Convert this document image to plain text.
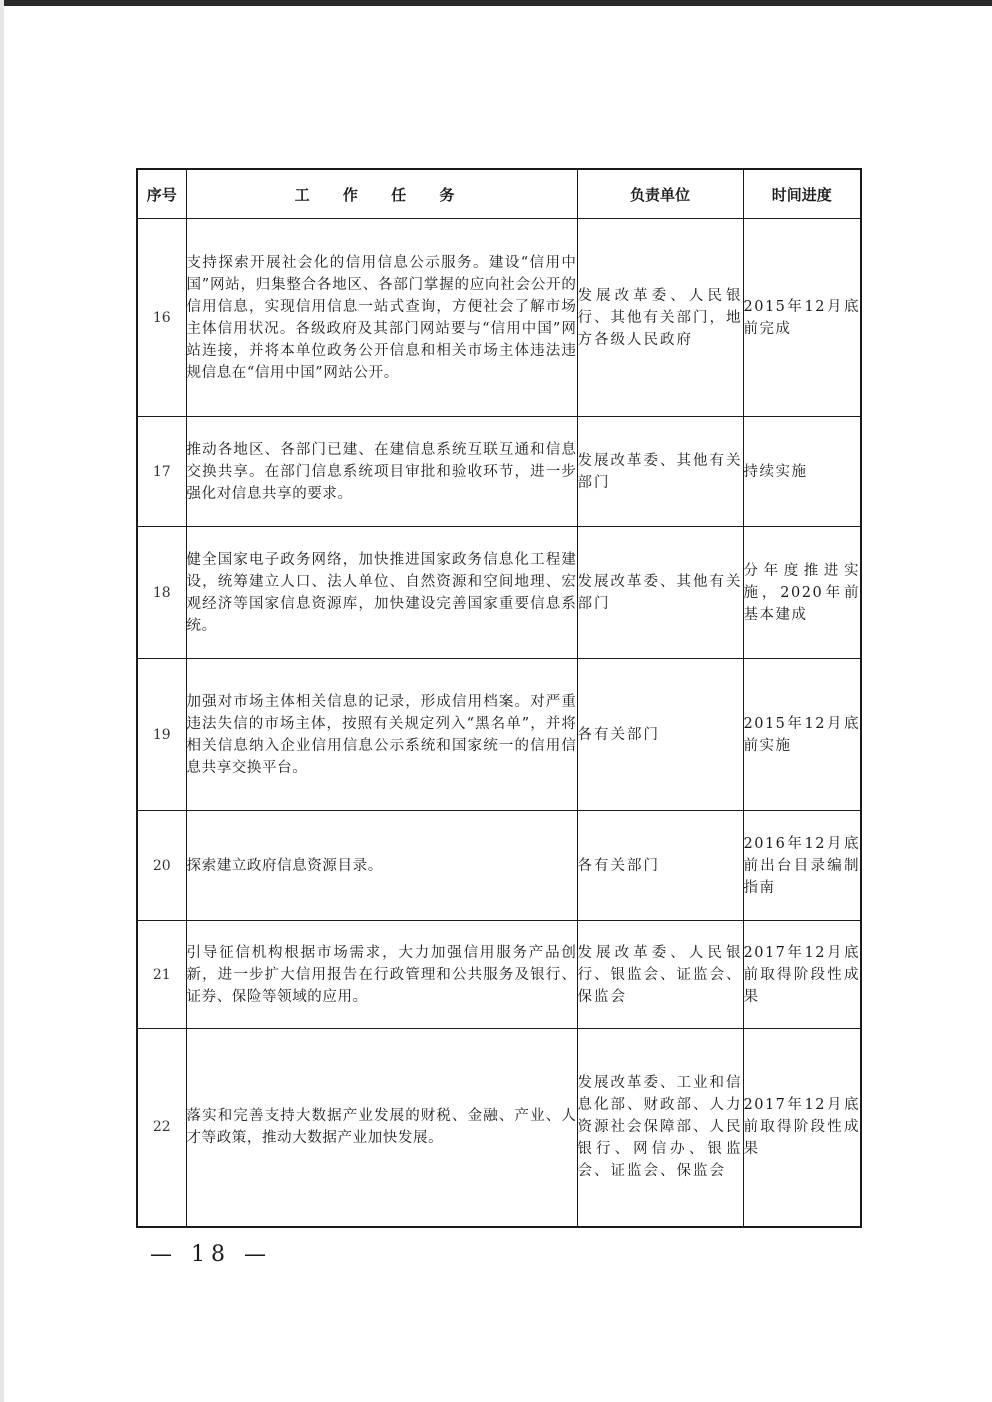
序号	工 作 任 务	负责单位	时间进度
16	支持探索开展社会化的信用信息公示服务。建设“信用中国”网站，归集整合各地区、各部门掌握的应向社会公开的信用信息，实现信用信息一站式查询，方便社会了解市场主体信用状况。各级政府及其部门网站要与“信用中国”网站连接，并将本单位政务公开信息和相关市场主体违法违规信息在“信用中国”网站公开。	发展改革委、人民银行、其他有关部门，地方各级人民政府	2015年12月底前完成
17	推动各地区、各部门已建、在建信息系统互联互通和信息交换共享。在部门信息系统项目审批和验收环节，进一步强化对信息共享的要求。	发展改革委、其他有关部门	持续实施
18	健全国家电子政务网络，加快推进国家政务信息化工程建设，统筹建立人口、法人单位、自然资源和空间地理、宏观经济等国家信息资源库，加快建设完善国家重要信息系统。	发展改革委、其他有关部门	分年度推进实施，2020年前基本建成
19	加强对市场主体相关信息的记录，形成信用档案。对严重违法失信的市场主体，按照有关规定列入“黑名单”，并将相关信息纳入企业信用信息公示系统和国家统一的信用信息共享交换平台。	各有关部门	2015年12月底前实施
20	探索建立政府信息资源目录。	各有关部门	2016年12月底前出台目录编制指南
21	引导征信机构根据市场需求，大力加强信用服务产品创新，进一步扩大信用报告在行政管理和公共服务及银行、证券、保险等领域的应用。	发展改革委、人民银行、银监会、证监会、保监会	2017年12月底前取得阶段性成果
22	落实和完善支持大数据产业发展的财税、金融、产业、人才等政策，推动大数据产业加快发展。	发展改革委、工业和信息化部、财政部、人力资源社会保障部、人民银行、网信办、银监会、证监会、保监会	2017年12月底前取得阶段性成果
— 18 —
